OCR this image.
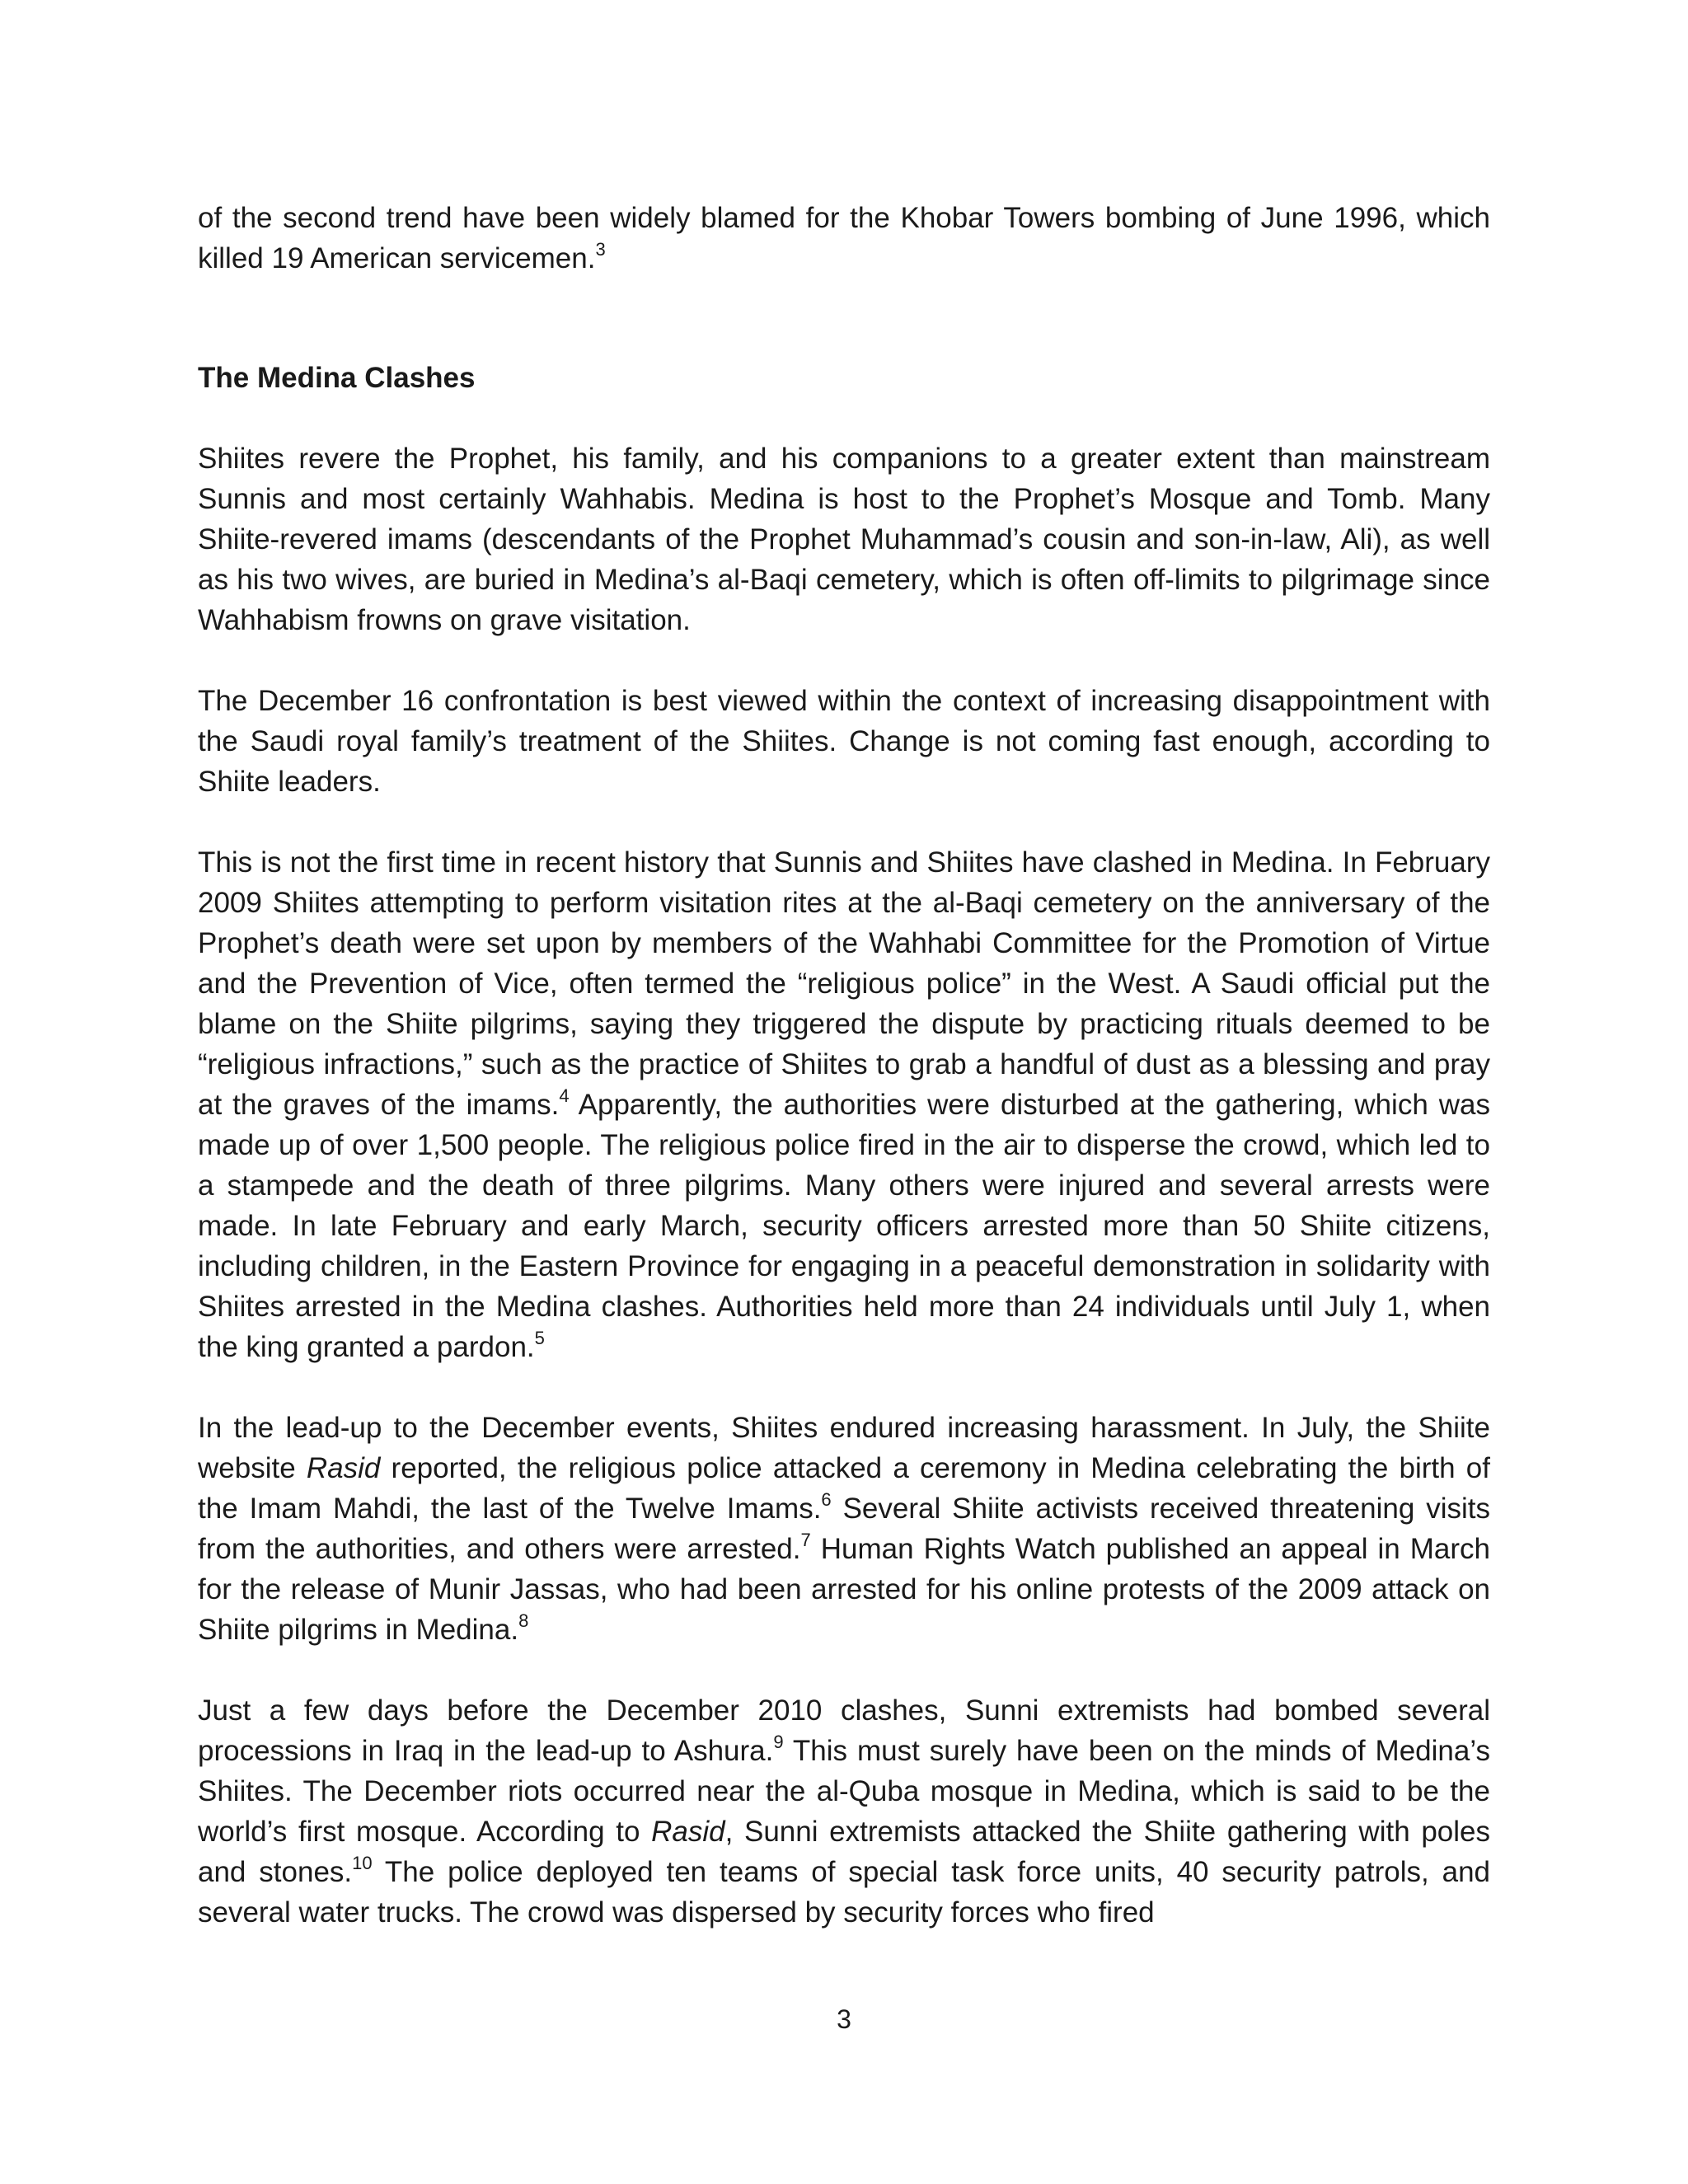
of the second trend have been widely blamed for the Khobar Towers bombing of June 1996, which killed 19 American servicemen.$^3$

The Medina Clashes

Shiites revere the Prophet, his family, and his companions to a greater extent than mainstream Sunnis and most certainly Wahhabis. Medina is host to the Prophet’s Mosque and Tomb. Many Shiite-revered imams (descendants of the Prophet Muhammad’s cousin and son-in-law, Ali), as well as his two wives, are buried in Medina’s al-Baqi cemetery, which is often off-limits to pilgrimage since Wahhabism frowns on grave visitation.

The December 16 confrontation is best viewed within the context of increasing disappointment with the Saudi royal family’s treatment of the Shiites. Change is not coming fast enough, according to Shiite leaders.

This is not the first time in recent history that Sunnis and Shiites have clashed in Medina. In February 2009 Shiites attempting to perform visitation rites at the al-Baqi cemetery on the anniversary of the Prophet’s death were set upon by members of the Wahhabi Committee for the Promotion of Virtue and the Prevention of Vice, often termed the “religious police” in the West. A Saudi official put the blame on the Shiite pilgrims, saying they triggered the dispute by practicing rituals deemed to be “religious infractions,” such as the practice of Shiites to grab a handful of dust as a blessing and pray at the graves of the imams.$^4$ Apparently, the authorities were disturbed at the gathering, which was made up of over 1,500 people. The religious police fired in the air to disperse the crowd, which led to a stampede and the death of three pilgrims. Many others were injured and several arrests were made. In late February and early March, security officers arrested more than 50 Shiite citizens, including children, in the Eastern Province for engaging in a peaceful demonstration in solidarity with Shiites arrested in the Medina clashes. Authorities held more than 24 individuals until July 1, when the king granted a pardon.$^5$

In the lead-up to the December events, Shiites endured increasing harassment. In July, the Shiite website Rasid reported, the religious police attacked a ceremony in Medina celebrating the birth of the Imam Mahdi, the last of the Twelve Imams.$^6$ Several Shiite activists received threatening visits from the authorities, and others were arrested.$^7$ Human Rights Watch published an appeal in March for the release of Munir Jassas, who had been arrested for his online protests of the 2009 attack on Shiite pilgrims in Medina.$^8$

Just a few days before the December 2010 clashes, Sunni extremists had bombed several processions in Iraq in the lead-up to Ashura.$^9$ This must surely have been on the minds of Medina’s Shiites. The December riots occurred near the al-Quba mosque in Medina, which is said to be the world’s first mosque. According to Rasid, Sunni extremists attacked the Shiite gathering with poles and stones.$^{10}$ The police deployed ten teams of special task force units, 40 security patrols, and several water trucks. The crowd was dispersed by security forces who fired

3
